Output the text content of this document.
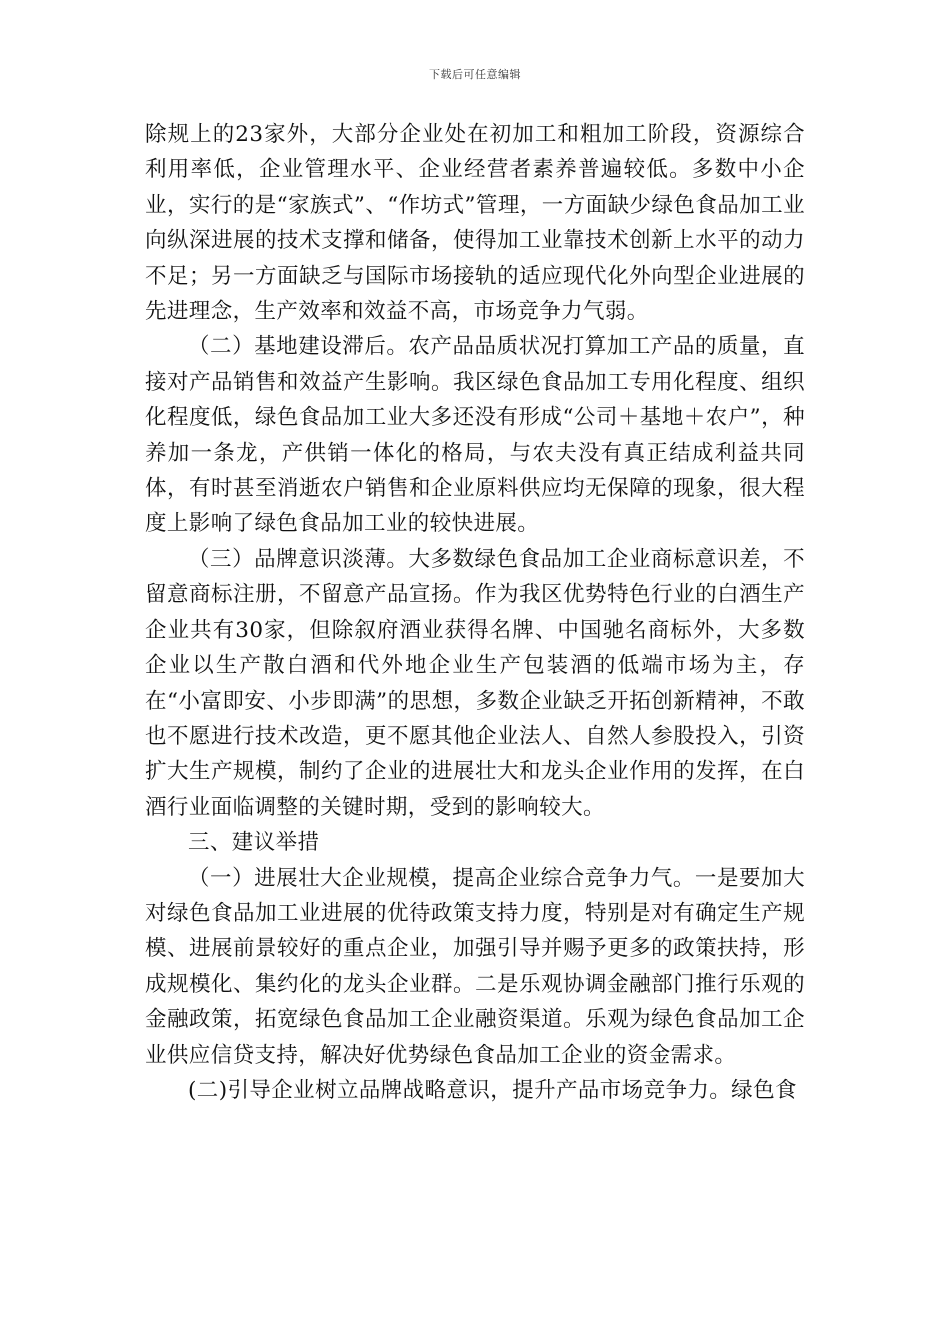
下载后可任意编辑

除规上的23家外，大部分企业处在初加工和粗加工阶段，资源综合利用率低，企业管理水平、企业经营者素养普遍较低。多数中小企业，实行的是“家族式”、“作坊式”管理，一方面缺少绿色食品加工业向纵深进展的技术支撑和储备，使得加工业靠技术创新上水平的动力不足；另一方面缺乏与国际市场接轨的适应现代化外向型企业进展的先进理念，生产效率和效益不高，市场竞争力气弱。

（二）基地建设滞后。农产品品质状况打算加工产品的质量，直接对产品销售和效益产生影响。我区绿色食品加工专用化程度、组织化程度低，绿色食品加工业大多还没有形成“公司＋基地＋农户”，种养加一条龙，产供销一体化的格局，与农夫没有真正结成利益共同体，有时甚至消逝农户销售和企业原料供应均无保障的现象，很大程度上影响了绿色食品加工业的较快进展。

（三）品牌意识淡薄。大多数绿色食品加工企业商标意识差，不留意商标注册，不留意产品宣扬。作为我区优势特色行业的白酒生产企业共有30家，但除叙府酒业获得名牌、中国驰名商标外，大多数企业以生产散白酒和代外地企业生产包装酒的低端市场为主，存在“小富即安、小步即满”的思想，多数企业缺乏开拓创新精神，不敢也不愿进行技术改造，更不愿其他企业法人、自然人参股投入，引资扩大生产规模，制约了企业的进展壮大和龙头企业作用的发挥，在白酒行业面临调整的关键时期，受到的影响较大。

三、建议举措

（一）进展壮大企业规模，提高企业综合竞争力气。一是要加大对绿色食品加工业进展的优待政策支持力度，特别是对有确定生产规模、进展前景较好的重点企业，加强引导并赐予更多的政策扶持，形成规模化、集约化的龙头企业群。二是乐观协调金融部门推行乐观的金融政策，拓宽绿色食品加工企业融资渠道。乐观为绿色食品加工企业供应信贷支持，解决好优势绿色食品加工企业的资金需求。

(二)引导企业树立品牌战略意识，提升产品市场竞争力。绿色食
